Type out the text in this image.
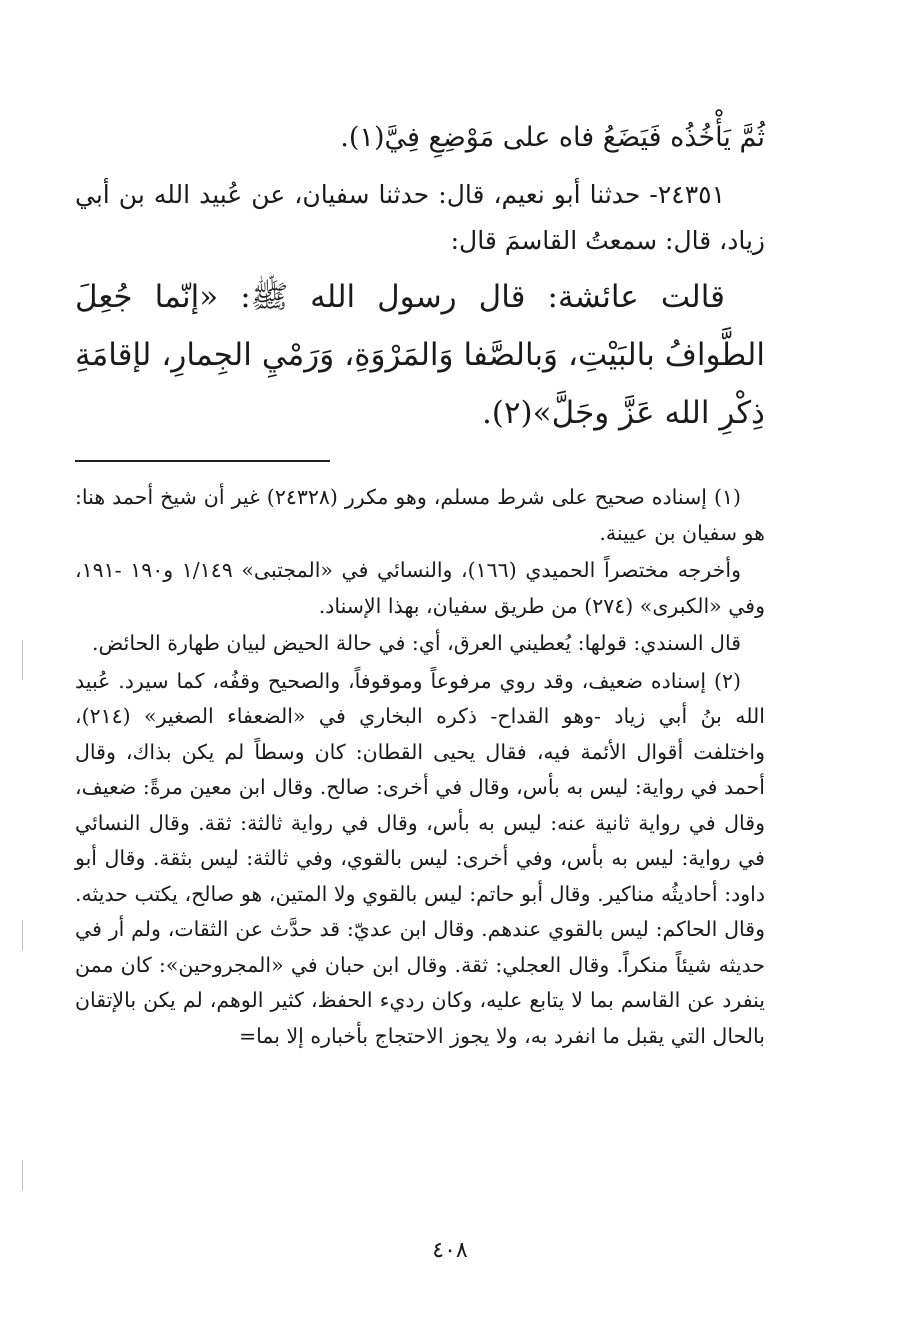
ثُمَّ يَأْخُذُه فَيَضَعُ فاه على مَوْضِعِ فِيَّ(١).

٢٤٣٥١- حدثنا أبو نعيم، قال: حدثنا سفيان، عن عُبيد الله بن أبي زياد، قال: سمعتُ القاسمَ قال:

قالت عائشة: قال رسول الله ﷺ: «إنّما جُعِلَ الطَّوافُ بالبَيْتِ، وَبالصَّفا وَالمَرْوَةِ، وَرَمْيِ الجِمارِ، لإقامَةِ ذِكْرِ الله عَزَّ وجَلَّ»(٢).

(١) إسناده صحيح على شرط مسلم، وهو مكرر (٢٤٣٢٨) غير أن شيخ أحمد هنا: هو سفيان بن عيينة.

وأخرجه مختصراً الحميدي (١٦٦)، والنسائي في «المجتبى» ١/١٤٩ و١٩٠ -١٩١، وفي «الكبرى» (٢٧٤) من طريق سفيان، بهذا الإسناد.

قال السندي: قولها: يُعطيني العرق، أي: في حالة الحيض لبيان طهارة الحائض.

(٢) إسناده ضعيف، وقد روي مرفوعاً وموقوفاً، والصحيح وقفُه، كما سيرد. عُبيد الله بنُ أبي زياد -وهو القداح- ذكره البخاري في «الضعفاء الصغير» (٢١٤)، واختلفت أقوال الأئمة فيه، فقال يحيى القطان: كان وسطاً لم يكن بذاك، وقال أحمد في رواية: ليس به بأس، وقال في أخرى: صالح. وقال ابن معين مرةً: ضعيف، وقال في رواية ثانية عنه: ليس به بأس، وقال في رواية ثالثة: ثقة. وقال النسائي في رواية: ليس به بأس، وفي أخرى: ليس بالقوي، وفي ثالثة: ليس بثقة. وقال أبو داود: أحاديثُه مناكير. وقال أبو حاتم: ليس بالقوي ولا المتين، هو صالح، يكتب حديثه. وقال الحاكم: ليس بالقوي عندهم. وقال ابن عديّ: قد حدَّث عن الثقات، ولم أر في حديثه شيئاً منكراً. وقال العجلي: ثقة. وقال ابن حبان في «المجروحين»: كان ممن ينفرد عن القاسم بما لا يتابع عليه، وكان رديء الحفظ، كثير الوهم، لم يكن بالإتقان بالحال التي يقبل ما انفرد به، ولا يجوز الاحتجاج بأخباره إلا بما=

٤٠٨
